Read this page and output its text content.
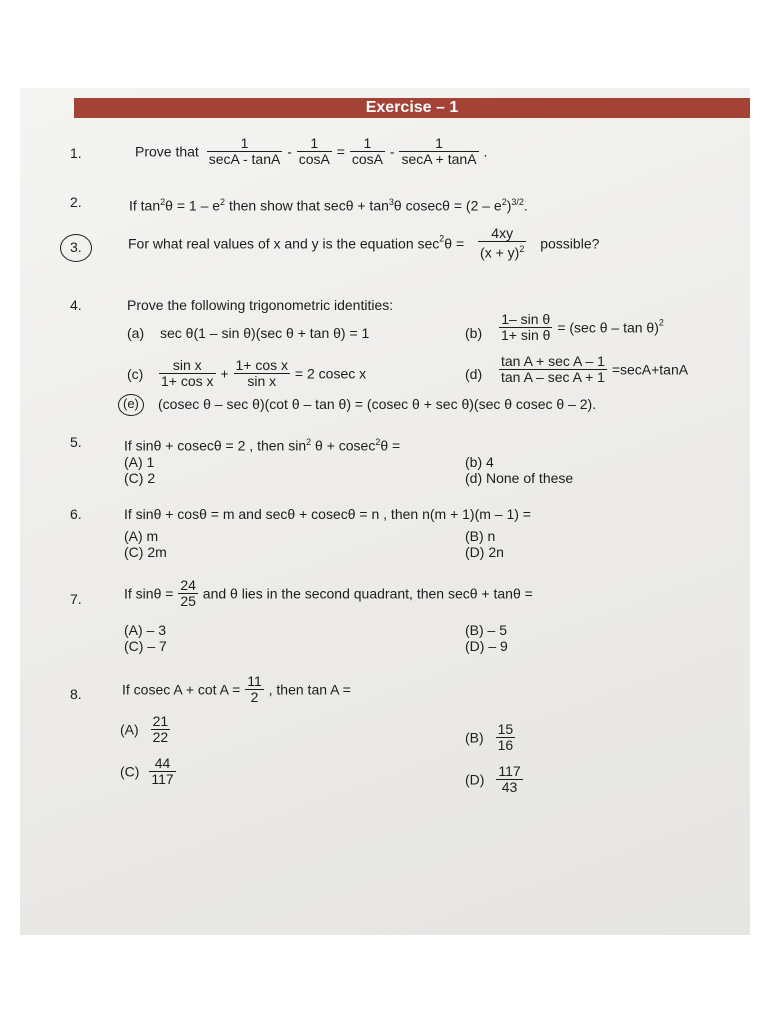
Exercise – 1
1.	Prove that $\frac{1}{\sec A - \tan A} - \frac{1}{\cos A} = \frac{1}{\cos A} - \frac{1}{\sec A + \tan A}$ .
2.	If $\tan^2\theta = 1 - e^2$ then show that $\sec\theta + \tan^3\theta$ $cosec\theta = (2 - e^2)^{3/2}$.
3.	For what real values of x and y is the equation $\sec^2\theta = \frac{4xy}{(x + y)^2}$ possible?
4.	Prove the following trigonometric identities:
(a) sec θ(1 – sin θ)(sec θ + tan θ) = 1	$(b) \frac{\text{1– sin θ}}{\text{1+ sin θ}} = (\sec$ θ – tan θ)$^2$
$(c) \frac{\text{sin x}}{\text{1+ cos x}} + \frac{\text{1+ cos x}}{\text{sin x}} = 2$ cosec x	$(d) \frac{\text{tan A + sec A – 1}}{\text{tan A – sec A + 1}} =\sec A+\tan A$
(e) (cosec θ – sec θ)(cot θ – tan θ) = (cosec θ + sec θ)(sec θ cosec θ – 2).
5.	If sinθ + cosecθ = 2 , then $\sin^2 \theta + cosec^2\theta$ =
(A) 1	(b) 4
(C) 2	(d) None of these
6.	If sinθ + cosθ = m and secθ + cosecθ = n , then n(m + 1)(m – 1) =
(A) m	(B) n
(C) 2m	(D) 2n
7.	If $\sin\theta = \frac{24}{25}$ and θ lies in the second quadrant, then secθ + tanθ =
(A) – 3	(B) – 5
(C) – 7	(D) – 9
8.	If cosec $A + \cot A = \frac{11}{2}$ , then tan A =
$(A) \frac{21}{22}$	$(B) \frac{15}{16}$
$(C) \frac{44}{117}$	$(D) \frac{117}{43}$
